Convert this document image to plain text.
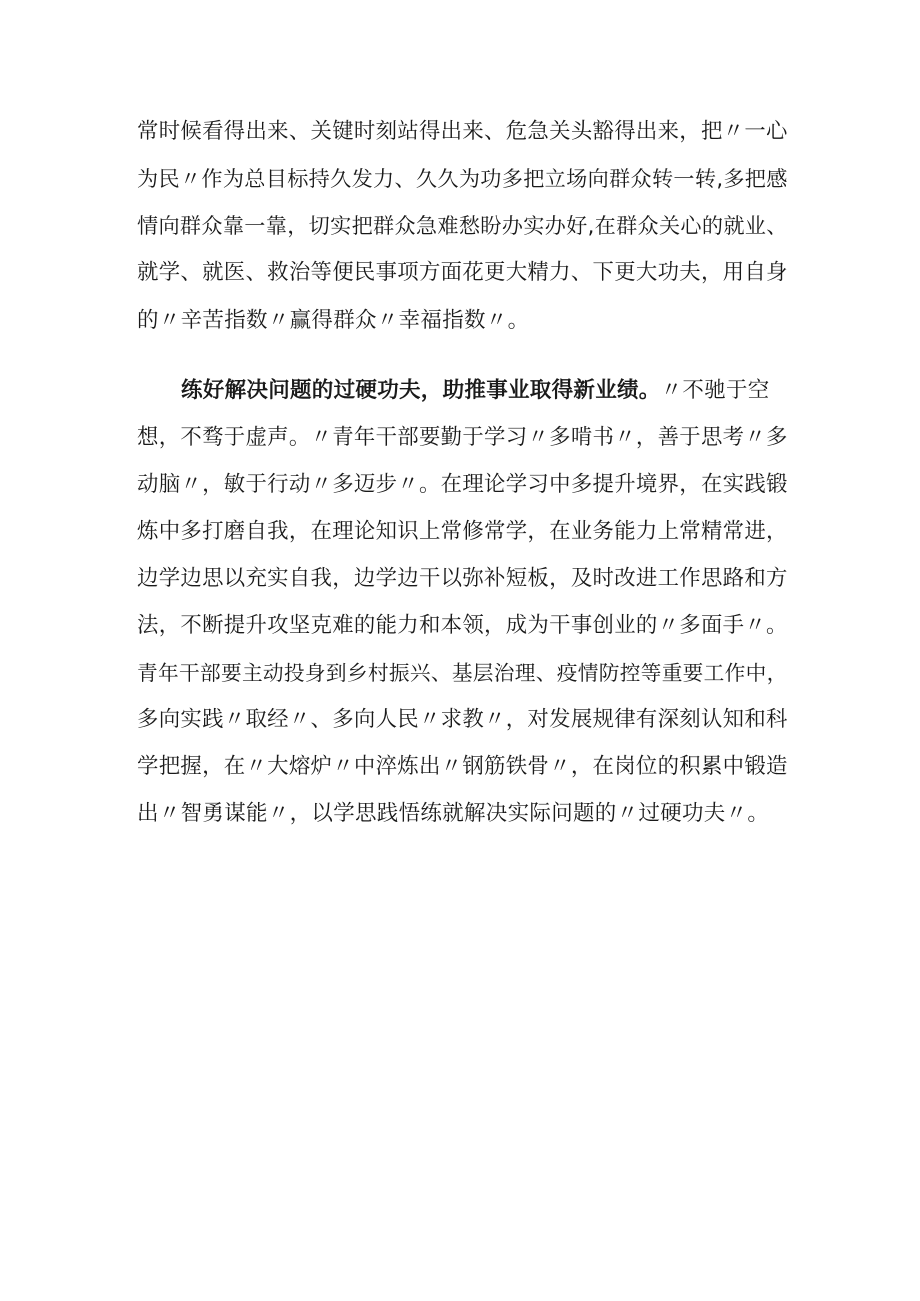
常时候看得出来、关键时刻站得出来、危急关头豁得出来，把〃一心
为民〃作为总目标持久发力、久久为功多把立场向群众转一转,多把感
情向群众靠一靠，切实把群众急难愁盼办实办好,在群众关心的就业、
就学、就医、救治等便民事项方面花更大精力、下更大功夫，用自身
的〃辛苦指数〃赢得群众〃幸福指数〃。
练好解决问题的过硬功夫，助推事业取得新业绩。〃不驰于空
想，不骛于虚声。〃青年干部要勤于学习〃多啃书〃，善于思考〃多
动脑〃，敏于行动〃多迈步〃。在理论学习中多提升境界，在实践锻
炼中多打磨自我，在理论知识上常修常学，在业务能力上常精常进，
边学边思以充实自我，边学边干以弥补短板，及时改进工作思路和方
法，不断提升攻坚克难的能力和本领，成为干事创业的〃多面手〃。
青年干部要主动投身到乡村振兴、基层治理、疫情防控等重要工作中，
多向实践〃取经〃、多向人民〃求教〃，对发展规律有深刻认知和科
学把握，在〃大熔炉〃中淬炼出〃钢筋铁骨〃，在岗位的积累中锻造
出〃智勇谋能〃，以学思践悟练就解决实际问题的〃过硬功夫〃。
